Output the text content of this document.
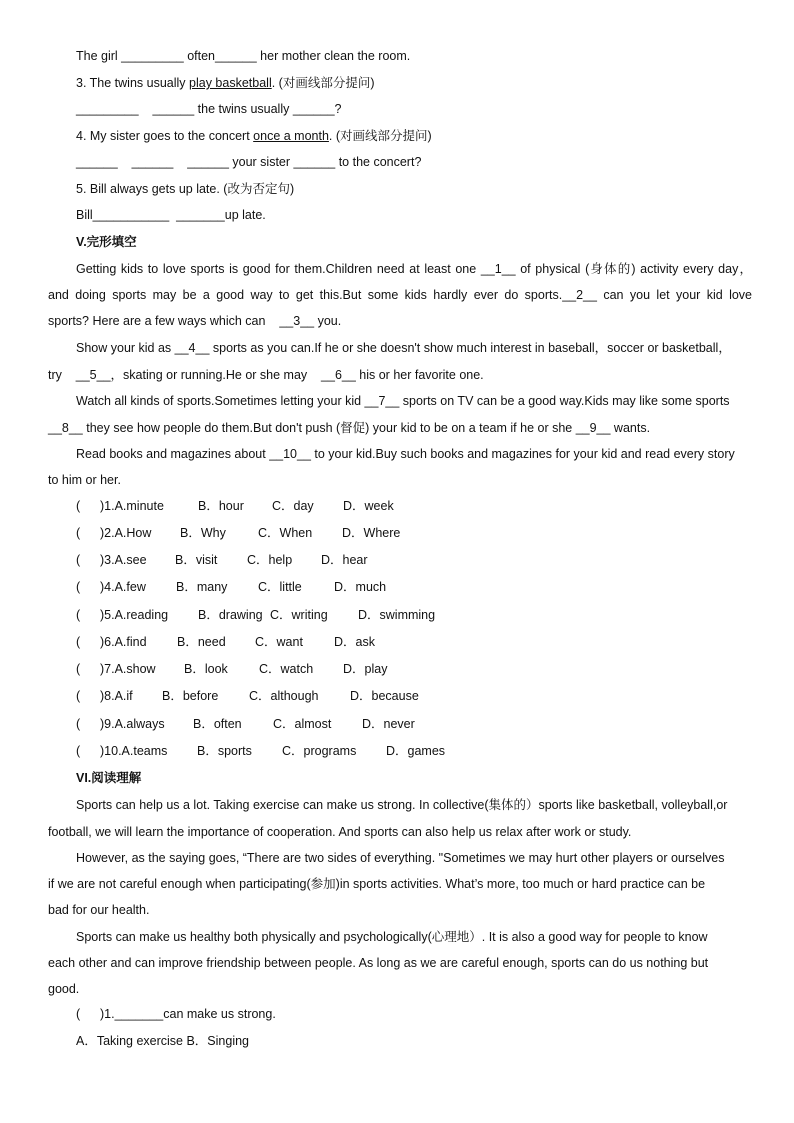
The girl _________ often______ her mother clean the room.
3. The twins usually play basketball. (对画线部分提问)
_________    ______ the twins usually ______?
4. My sister goes to the concert once a month. (对画线部分提问)
______    ______    ______ your sister ______ to the concert?
5. Bill always gets up late. (改为否定句)
Bill___________  _______up late.
V.完形填空
Getting kids to love sports is good for them.Children need at least one __1__ of physical (身体的) activity every day，
and doing sports may be a good way to get this.But some kids hardly ever do sports.__2__ can you let your kid love
sports? Here are a few ways which can    __3__ you.
Show your kid as __4__ sports as you can.If he or she doesn't show much interest in baseball，soccer or basketball，
try    __5__，skating or running.He or she may    __6__ his or her favorite one.
Watch all kinds of sports.Sometimes letting your kid __7__ sports on TV can be a good way.Kids may like some sports
__8__ they see how people do them.But don't push (督促) your kid to be on a team if he or she __9__ wants.
Read books and magazines about __10__ to your kid.Buy such books and magazines for your kid and read every story
to him or her.
( )1.A.minute	B．hour C．day D．week
( )2.A.How B．Why	C．When D．Where
( )3.A.see B．visit C．help D．hear
( )4.A.few B．many C．little	D．much
( )5.A.reading B．drawing C．writing D．swimming
( )6.A.find B．need C．want D．ask
( )7.A.show B．look C．watch D．play
( )8.A.if B．before C．although	D．because
( )9.A.always B．often	C．almost D．never
( )10.A.teams B．sports C．programs D．games
VI.阅读理解
Sports can help us a lot. Taking exercise can make us strong. In collective(集体的）sports like basketball, volleyball,or
football, we will learn the importance of cooperation. And sports can also help us relax after work or study.
However, as the saying goes, “There are two sides of everything. "Sometimes we may hurt other players or ourselves
if we are not careful enough when participating(参加)in sports activities. What’s more, too much or hard practice can be
bad for our health.
Sports can make us healthy both physically and psychologically(心理地）. It is also a good way for people to know
each other and can improve friendship between people. As long as we are careful enough, sports can do us nothing but
good.
( )1._______can make us strong.
A．Taking exercise B．Singing
